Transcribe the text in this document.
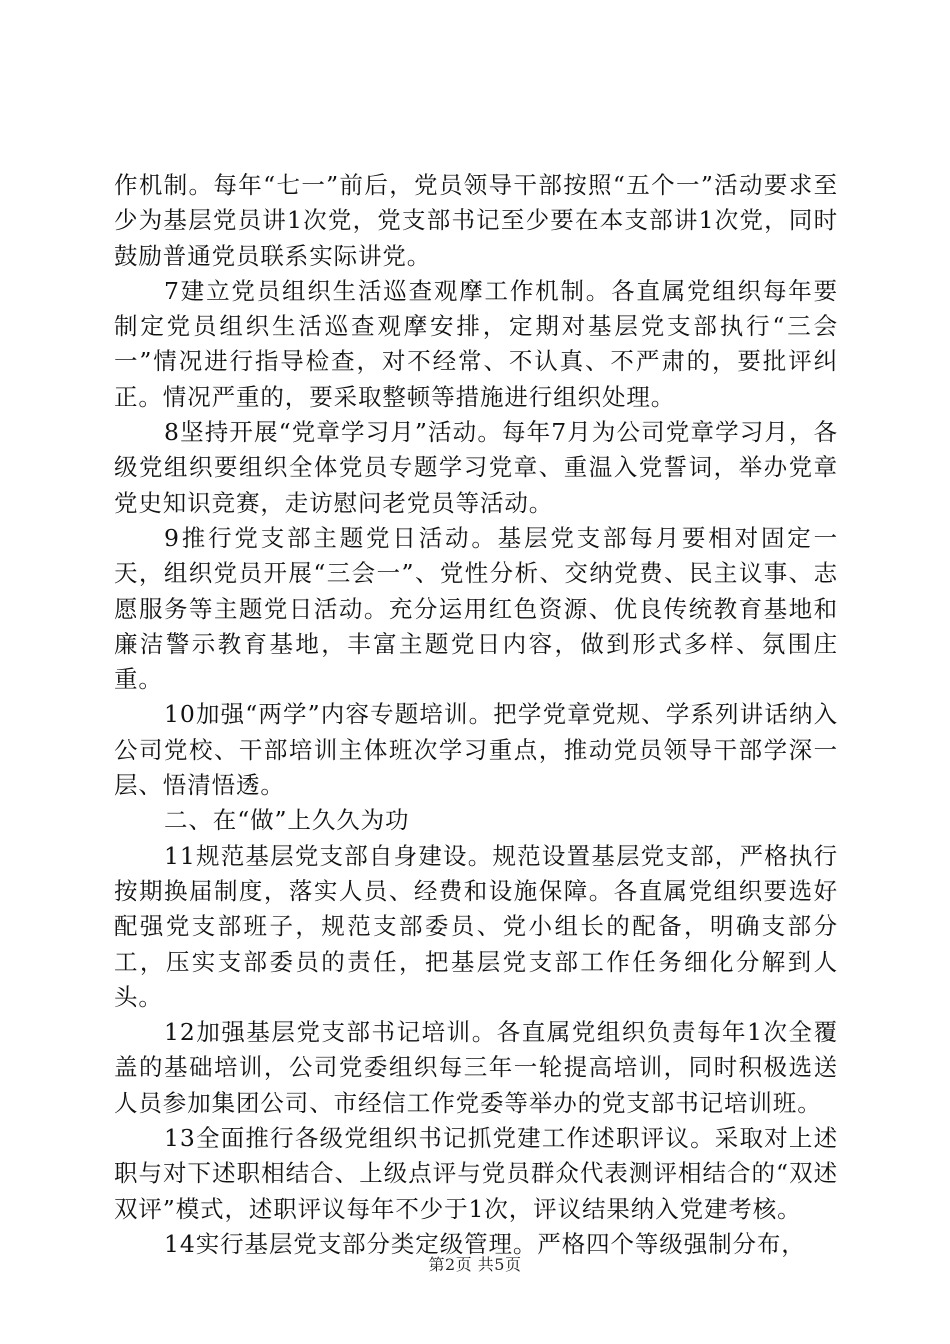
作机制。每年“七一”前后，党员领导干部按照“五个一”活动要求至少为基层党员讲1次党，党支部书记至少要在本支部讲1次党，同时鼓励普通党员联系实际讲党。

7建立党员组织生活巡查观摩工作机制。各直属党组织每年要制定党员组织生活巡查观摩安排，定期对基层党支部执行“三会一”情况进行指导检查，对不经常、不认真、不严肃的，要批评纠正。情况严重的，要采取整顿等措施进行组织处理。

8坚持开展“党章学习月”活动。每年7月为公司党章学习月，各级党组织要组织全体党员专题学习党章、重温入党誓词，举办党章党史知识竞赛，走访慰问老党员等活动。

9推行党支部主题党日活动。基层党支部每月要相对固定一天，组织党员开展“三会一”、党性分析、交纳党费、民主议事、志愿服务等主题党日活动。充分运用红色资源、优良传统教育基地和廉洁警示教育基地，丰富主题党日内容，做到形式多样、氛围庄重。

10加强“两学”内容专题培训。把学党章党规、学系列讲话纳入公司党校、干部培训主体班次学习重点，推动党员领导干部学深一层、悟清悟透。

二、在“做”上久久为功

11规范基层党支部自身建设。规范设置基层党支部，严格执行按期换届制度，落实人员、经费和设施保障。各直属党组织要选好配强党支部班子，规范支部委员、党小组长的配备，明确支部分工，压实支部委员的责任，把基层党支部工作任务细化分解到人头。

12加强基层党支部书记培训。各直属党组织负责每年1次全覆盖的基础培训，公司党委组织每三年一轮提高培训，同时积极选送人员参加集团公司、市经信工作党委等举办的党支部书记培训班。

13全面推行各级党组织书记抓党建工作述职评议。采取对上述职与对下述职相结合、上级点评与党员群众代表测评相结合的“双述双评”模式，述职评议每年不少于1次，评议结果纳入党建考核。

14实行基层党支部分类定级管理。严格四个等级强制分布，

第2页 共5页
